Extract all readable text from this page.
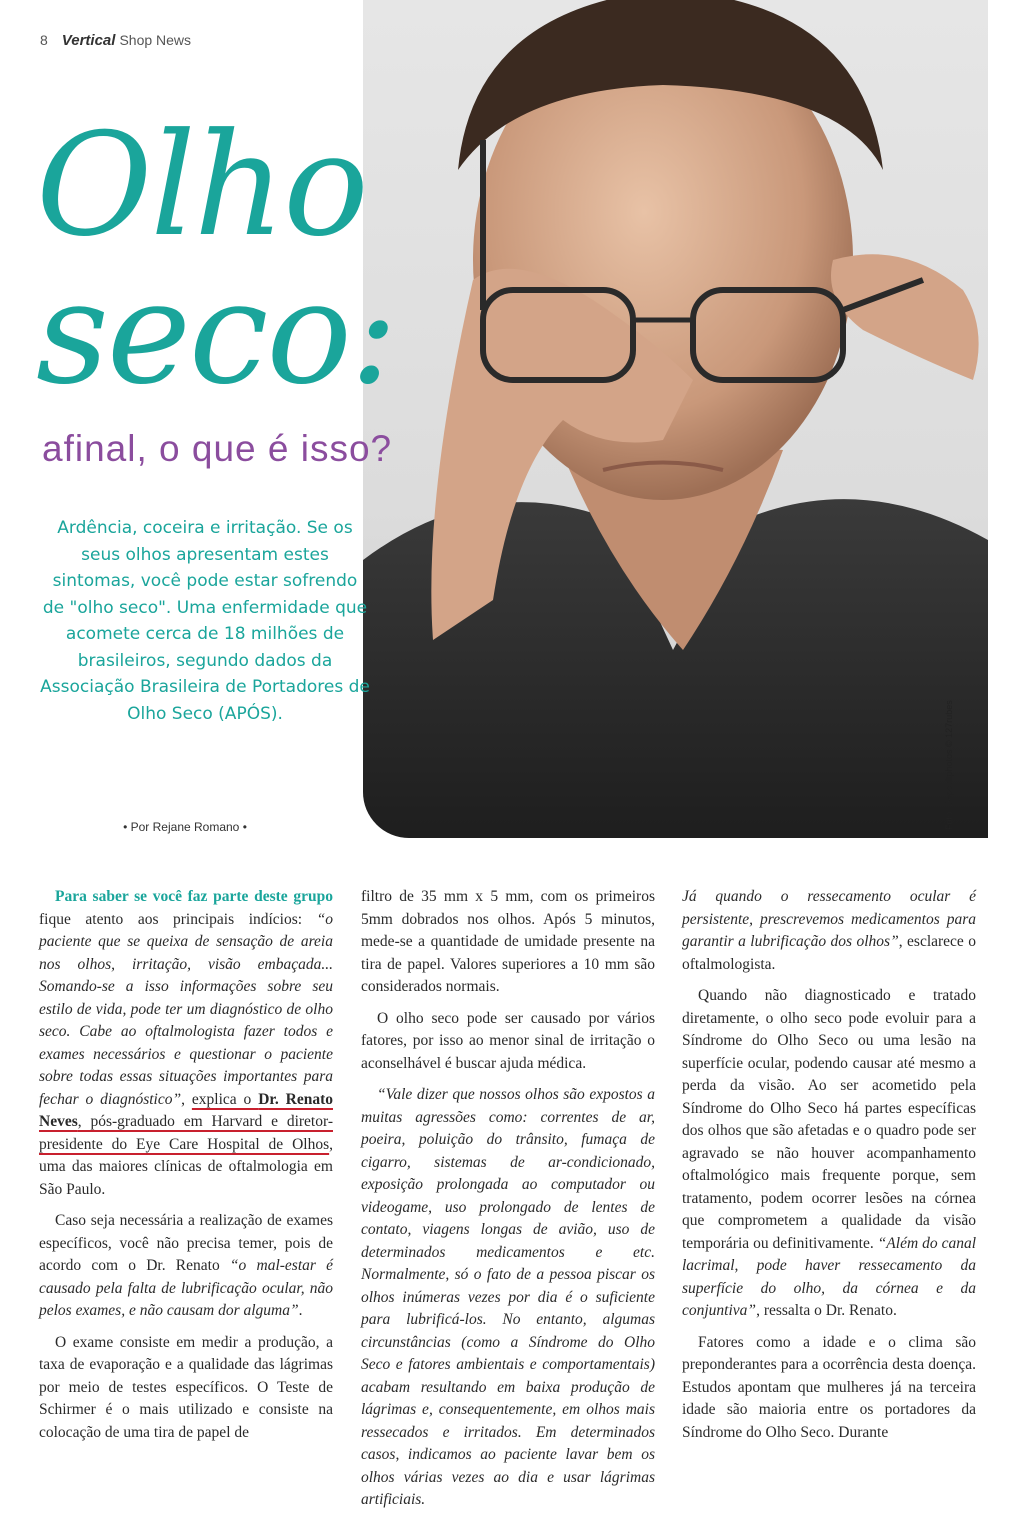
8 Vertical Shop News
Foto: Depositphotos © 127rubes
Olho
seco:
afinal, o que é isso?
Ardência, coceira e irritação. Se os seus olhos apresentam estes sintomas, você pode estar sofrendo de "olho seco". Uma enfermidade que acomete cerca de 18 milhões de brasileiros, segundo dados da Associação Brasileira de Portadores de Olho Seco (APÓS).
• Por Rejane Romano •

Para saber se você faz parte deste grupo fique atento aos principais indícios: “o paciente que se queixa de sensação de areia nos olhos, irritação, visão embaçada... Somando-se a isso informações sobre seu estilo de vida, pode ter um diagnóstico de olho seco. Cabe ao oftalmologista fazer todos e exames necessários e questionar o paciente sobre todas essas situações importantes para fechar o diagnóstico”, explica o Dr. Renato Neves, pós-graduado em Harvard e diretor-presidente do Eye Care Hospital de Olhos, uma das maiores clínicas de oftalmologia em São Paulo.

Caso seja necessária a realização de exames específicos, você não precisa temer, pois de acordo com o Dr. Renato “o mal-estar é causado pela falta de lubrificação ocular, não pelos exames, e não causam dor alguma”.

O exame consiste em medir a produção, a taxa de evaporação e a qualidade das lágrimas por meio de testes específicos. O Teste de Schirmer é o mais utilizado e consiste na colocação de uma tira de papel de

filtro de 35 mm x 5 mm, com os primeiros 5mm dobrados nos olhos. Após 5 minutos, mede-se a quantidade de umidade presente na tira de papel. Valores superiores a 10 mm são considerados normais.

O olho seco pode ser causado por vários fatores, por isso ao menor sinal de irritação o aconselhável é buscar ajuda médica.

“Vale dizer que nossos olhos são expostos a muitas agressões como: correntes de ar, poeira, poluição do trânsito, fumaça de cigarro, sistemas de ar-condicionado, exposição prolongada ao computador ou videogame, uso prolongado de lentes de contato, viagens longas de avião, uso de determinados medicamentos e etc. Normalmente, só o fato de a pessoa piscar os olhos inúmeras vezes por dia é o suficiente para lubrificá-los. No entanto, algumas circunstâncias (como a Síndrome do Olho Seco e fatores ambientais e comportamentais) acabam resultando em baixa produção de lágrimas e, consequentemente, em olhos mais ressecados e irritados. Em determinados casos, indicamos ao paciente lavar bem os olhos várias vezes ao dia e usar lágrimas artificiais.

Já quando o ressecamento ocular é persistente, prescrevemos medicamentos para garantir a lubrificação dos olhos”, esclarece o oftalmologista.

Quando não diagnosticado e tratado diretamente, o olho seco pode evoluir para a Síndrome do Olho Seco ou uma lesão na superfície ocular, podendo causar até mesmo a perda da visão. Ao ser acometido pela Síndrome do Olho Seco há partes específicas dos olhos que são afetadas e o quadro pode ser agravado se não houver acompanhamento oftalmológico mais frequente porque, sem tratamento, podem ocorrer lesões na córnea que comprometem a qualidade da visão temporária ou definitivamente. “Além do canal lacrimal, pode haver ressecamento da superfície do olho, da córnea e da conjuntiva”, ressalta o Dr. Renato.

Fatores como a idade e o clima são preponderantes para a ocorrência desta doença. Estudos apontam que mulheres já na terceira idade são maioria entre os portadores da Síndrome do Olho Seco. Durante
